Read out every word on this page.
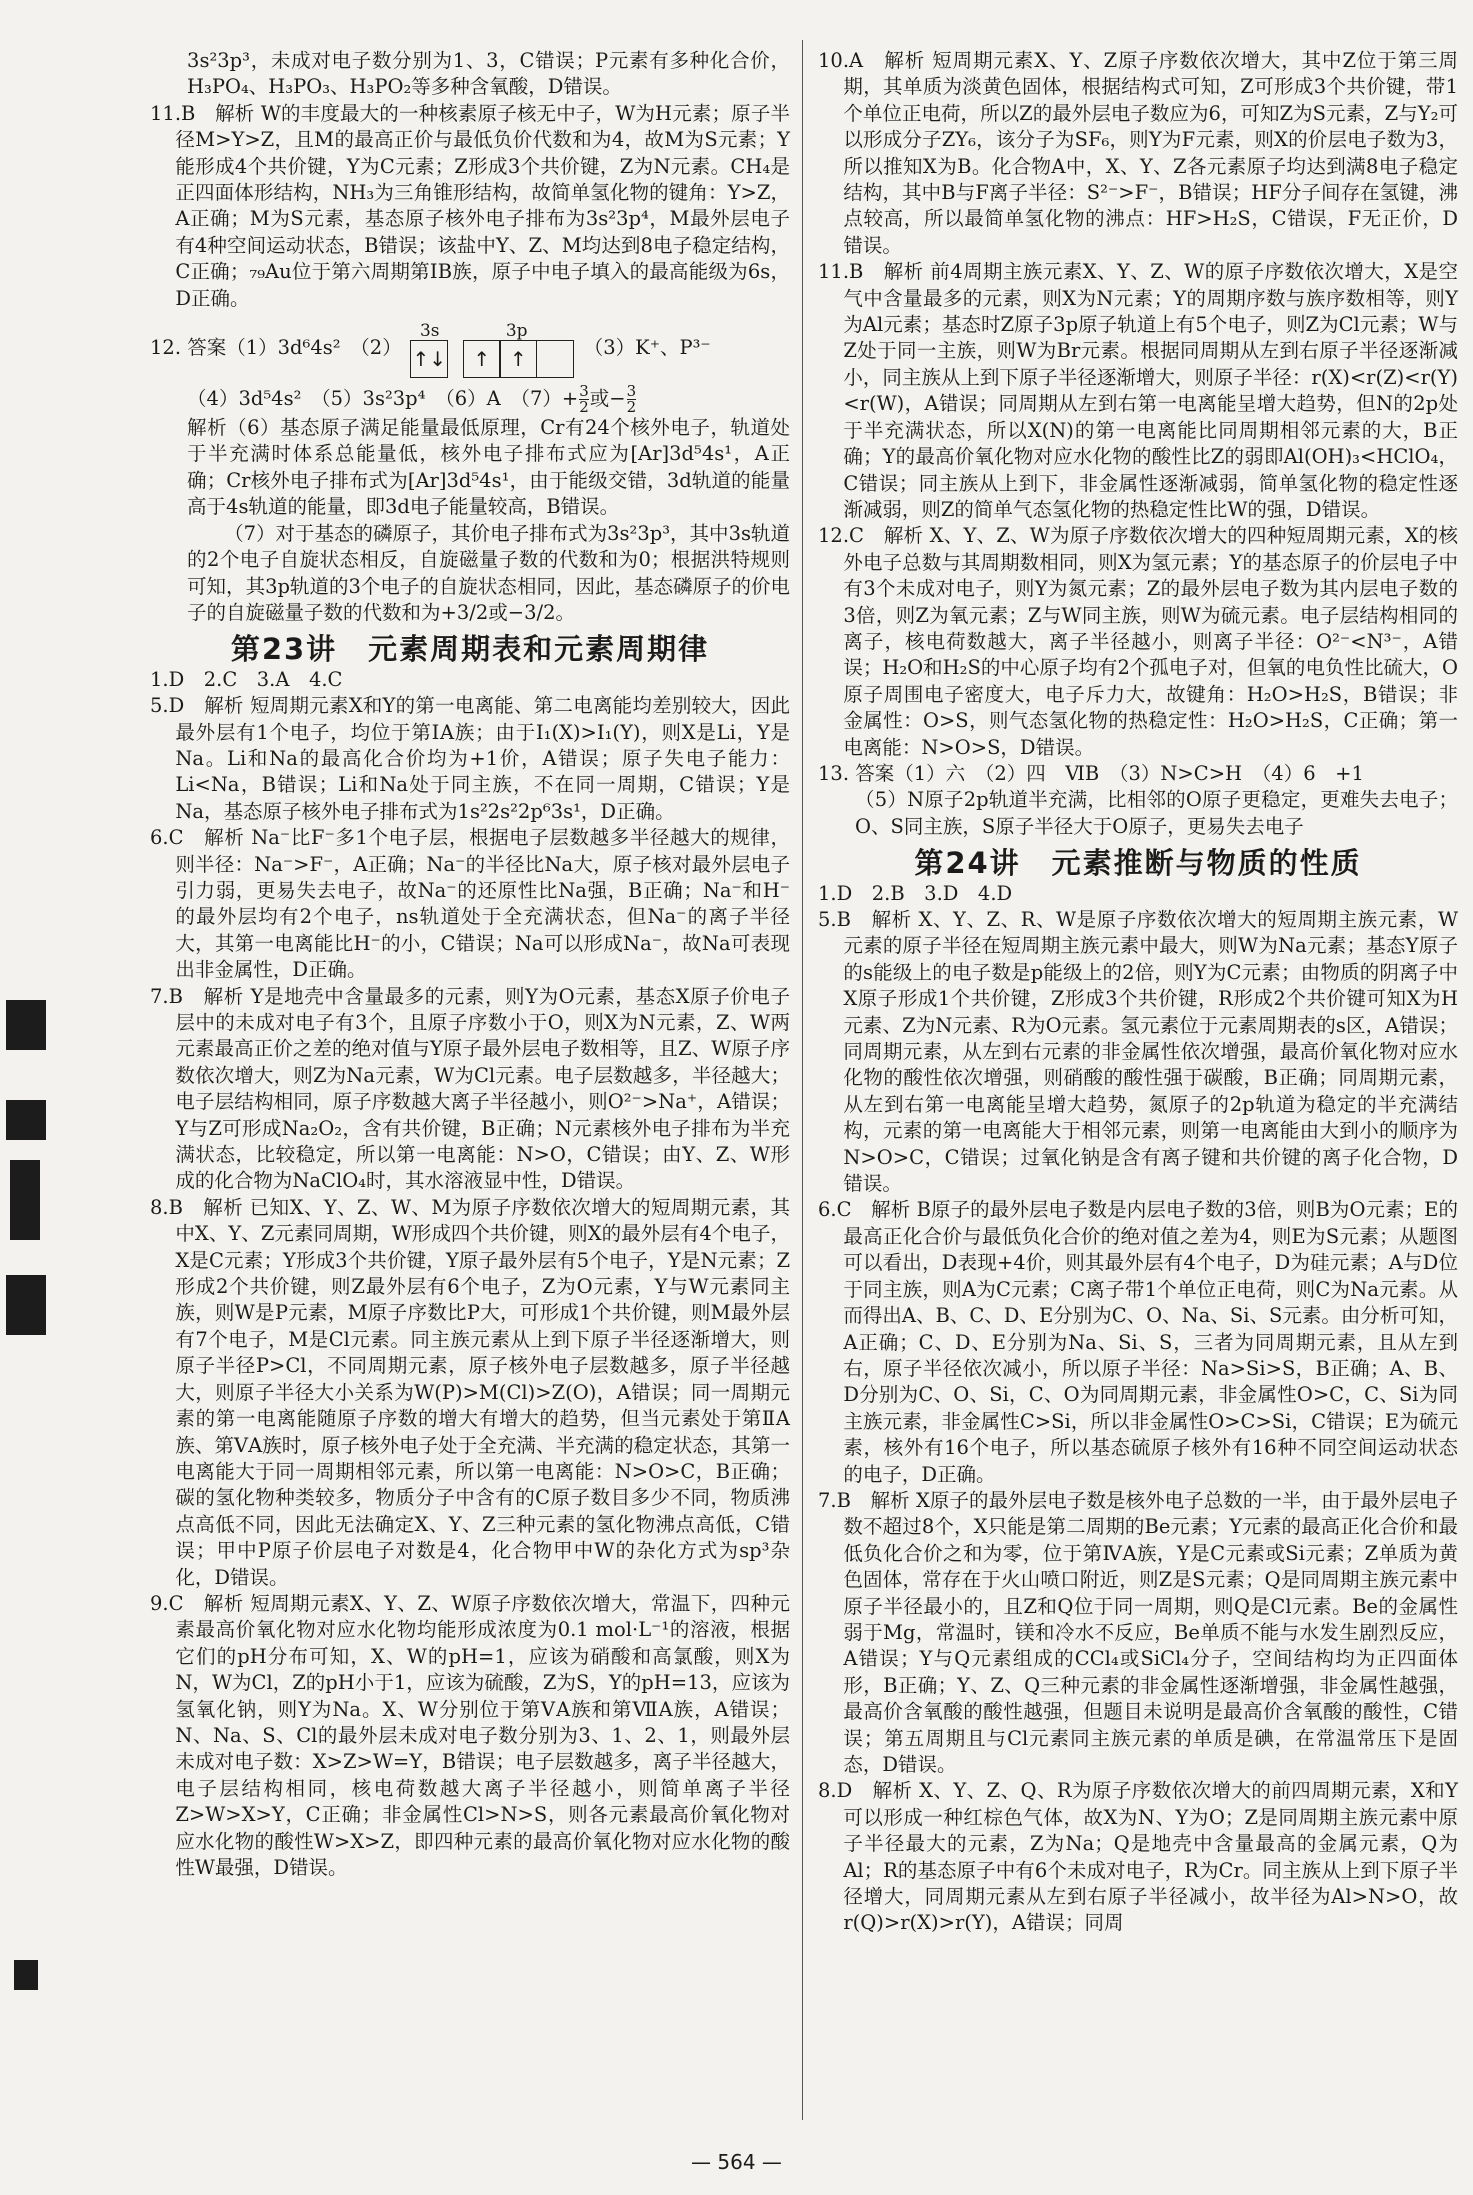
3s²3p³，未成对电子数分别为1、3，C错误；P元素有多种化合价，H₃PO₄、H₃PO₃、H₃PO₂等多种含氧酸，D错误。

11.B　解析 W的丰度最大的一种核素原子核无中子，W为H元素；原子半径M>Y>Z，且M的最高正价与最低负价代数和为4，故M为S元素；Y能形成4个共价键，Y为C元素；Z形成3个共价键，Z为N元素。CH₄是正四面体形结构，NH₃为三角锥形结构，故简单氢化物的键角：Y>Z，A正确；M为S元素，基态原子核外电子排布为3s²3p⁴，M最外层电子有4种空间运动状态，B错误；该盐中Y、Z、M均达到8电子稳定结构，C正确；₇₉Au位于第六周期第ⅠB族，原子中电子填入的最高能级为6s，D正确。

12. 答案（1）3d⁶4s²　（2）
3s	3p
↑↓	↑ ↑	（3）K⁺、P³⁻

（4）3d⁵4s²　（5）3s²3p⁴　（6）A　$(7)+ \frac{3}{2}$ 或− $\frac{3}{2}$

解析（6）基态原子满足能量最低原理，Cr有24个核外电子，轨道处于半充满时体系总能量低，核外电子排布式应为[Ar]3d⁵4s¹，A正确；Cr核外电子排布式为[Ar]3d⁵4s¹，由于能级交错，3d轨道的能量高于4s轨道的能量，即3d电子能量较高，B错误。

（7）对于基态的磷原子，其价电子排布式为3s²3p³，其中3s轨道的2个电子自旋状态相反，自旋磁量子数的代数和为0；根据洪特规则可知，其3p轨道的3个电子的自旋状态相同，因此，基态磷原子的价电子的自旋磁量子数的代数和为+3/2或−3/2。

第23讲　元素周期表和元素周期律

1.D　2.C　3.A　4.C

5.D　解析 短周期元素X和Y的第一电离能、第二电离能均差别较大，因此最外层有1个电子，均位于第ⅠA族；由于I₁(X)>I₁(Y)，则X是Li，Y是Na。Li和Na的最高化合价均为+1价，A错误；原子失电子能力：Li<Na，B错误；Li和Na处于同主族，不在同一周期，C错误；Y是Na，基态原子核外电子排布式为1s²2s²2p⁶3s¹，D正确。

6.C　解析 Na⁻比F⁻多1个电子层，根据电子层数越多半径越大的规律，则半径：Na⁻>F⁻，A正确；Na⁻的半径比Na大，原子核对最外层电子引力弱，更易失去电子，故Na⁻的还原性比Na强，B正确；Na⁻和H⁻的最外层均有2个电子，ns轨道处于全充满状态，但Na⁻的离子半径大，其第一电离能比H⁻的小，C错误；Na可以形成Na⁻，故Na可表现出非金属性，D正确。

7.B　解析 Y是地壳中含量最多的元素，则Y为O元素，基态X原子价电子层中的未成对电子有3个，且原子序数小于O，则X为N元素，Z、W两元素最高正价之差的绝对值与Y原子最外层电子数相等，且Z、W原子序数依次增大，则Z为Na元素，W为Cl元素。电子层数越多，半径越大；电子层结构相同，原子序数越大离子半径越小，则O²⁻>Na⁺，A错误；Y与Z可形成Na₂O₂，含有共价键，B正确；N元素核外电子排布为半充满状态，比较稳定，所以第一电离能：N>O，C错误；由Y、Z、W形成的化合物为NaClO₄时，其水溶液显中性，D错误。

8.B　解析 已知X、Y、Z、W、M为原子序数依次增大的短周期元素，其中X、Y、Z元素同周期，W形成四个共价键，则X的最外层有4个电子，X是C元素；Y形成3个共价键，Y原子最外层有5个电子，Y是N元素；Z形成2个共价键，则Z最外层有6个电子，Z为O元素，Y与W元素同主族，则W是P元素，M原子序数比P大，可形成1个共价键，则M最外层有7个电子，M是Cl元素。同主族元素从上到下原子半径逐渐增大，则原子半径P>Cl，不同周期元素，原子核外电子层数越多，原子半径越大，则原子半径大小关系为W(P)>M(Cl)>Z(O)，A错误；同一周期元素的第一电离能随原子序数的增大有增大的趋势，但当元素处于第ⅡA族、第ⅤA族时，原子核外电子处于全充满、半充满的稳定状态，其第一电离能大于同一周期相邻元素，所以第一电离能：N>O>C，B正确；碳的氢化物种类较多，物质分子中含有的C原子数目多少不同，物质沸点高低不同，因此无法确定X、Y、Z三种元素的氢化物沸点高低，C错误；甲中P原子价层电子对数是4，化合物甲中W的杂化方式为sp³杂化，D错误。

9.C　解析 短周期元素X、Y、Z、W原子序数依次增大，常温下，四种元素最高价氧化物对应水化物均能形成浓度为0.1 mol·L⁻¹的溶液，根据它们的pH分布可知，X、W的pH=1，应该为硝酸和高氯酸，则X为N，W为Cl，Z的pH小于1，应该为硫酸，Z为S，Y的pH=13，应该为氢氧化钠，则Y为Na。X、W分别位于第ⅤA族和第ⅦA族，A错误；N、Na、S、Cl的最外层未成对电子数分别为3、1、2、1，则最外层未成对电子数：X>Z>W=Y，B错误；电子层数越多，离子半径越大，电子层结构相同，核电荷数越大离子半径越小，则简单离子半径Z>W>X>Y，C正确；非金属性Cl>N>S，则各元素最高价氧化物对应水化物的酸性W>X>Z，即四种元素的最高价氧化物对应水化物的酸性W最强，D错误。

10.A　解析 短周期元素X、Y、Z原子序数依次增大，其中Z位于第三周期，其单质为淡黄色固体，根据结构式可知，Z可形成3个共价键，带1个单位正电荷，所以Z的最外层电子数应为6，可知Z为S元素，Z与Y₂可以形成分子ZY₆，该分子为SF₆，则Y为F元素，则X的价层电子数为3，所以推知X为B。化合物A中，X、Y、Z各元素原子均达到满8电子稳定结构，其中B与F离子半径：S²⁻>F⁻，B错误；HF分子间存在氢键，沸点较高，所以最简单氢化物的沸点：HF>H₂S，C错误，F无正价，D错误。

11.B　解析 前4周期主族元素X、Y、Z、W的原子序数依次增大，X是空气中含量最多的元素，则X为N元素；Y的周期序数与族序数相等，则Y为Al元素；基态时Z原子3p原子轨道上有5个电子，则Z为Cl元素；W与Z处于同一主族，则W为Br元素。根据同周期从左到右原子半径逐渐减小，同主族从上到下原子半径逐渐增大，则原子半径：r(X)<r(Z)<r(Y)<r(W)，A错误；同周期从左到右第一电离能呈增大趋势，但N的2p处于半充满状态，所以X(N)的第一电离能比同周期相邻元素的大，B正确；Y的最高价氧化物对应水化物的酸性比Z的弱即Al(OH)₃<HClO₄，C错误；同主族从上到下，非金属性逐渐减弱，简单氢化物的稳定性逐渐减弱，则Z的简单气态氢化物的热稳定性比W的强，D错误。

12.C　解析 X、Y、Z、W为原子序数依次增大的四种短周期元素，X的核外电子总数与其周期数相同，则X为氢元素；Y的基态原子的价层电子中有3个未成对电子，则Y为氮元素；Z的最外层电子数为其内层电子数的3倍，则Z为氧元素；Z与W同主族，则W为硫元素。电子层结构相同的离子，核电荷数越大，离子半径越小，则离子半径：O²⁻<N³⁻，A错误；H₂O和H₂S的中心原子均有2个孤电子对，但氧的电负性比硫大，O原子周围电子密度大，电子斥力大，故键角：H₂O>H₂S，B错误；非金属性：O>S，则气态氢化物的热稳定性：H₂O>H₂S，C正确；第一电离能：N>O>S，D错误。

13. 答案（1）六　（2）四　ⅥB　（3）N>C>H　（4）6　+1

（5）N原子2p轨道半充满，比相邻的O原子更稳定，更难失去电子；O、S同主族，S原子半径大于O原子，更易失去电子

第24讲　元素推断与物质的性质

1.D　2.B　3.D　4.D

5.B　解析 X、Y、Z、R、W是原子序数依次增大的短周期主族元素，W元素的原子半径在短周期主族元素中最大，则W为Na元素；基态Y原子的s能级上的电子数是p能级上的2倍，则Y为C元素；由物质的阴离子中X原子形成1个共价键，Z形成3个共价键，R形成2个共价键可知X为H元素、Z为N元素、R为O元素。氢元素位于元素周期表的s区，A错误；同周期元素，从左到右元素的非金属性依次增强，最高价氧化物对应水化物的酸性依次增强，则硝酸的酸性强于碳酸，B正确；同周期元素，从左到右第一电离能呈增大趋势，氮原子的2p轨道为稳定的半充满结构，元素的第一电离能大于相邻元素，则第一电离能由大到小的顺序为N>O>C，C错误；过氧化钠是含有离子键和共价键的离子化合物，D错误。

6.C　解析 B原子的最外层电子数是内层电子数的3倍，则B为O元素；E的最高正化合价与最低负化合价的绝对值之差为4，则E为S元素；从题图可以看出，D表现+4价，则其最外层有4个电子，D为硅元素；A与D位于同主族，则A为C元素；C离子带1个单位正电荷，则C为Na元素。从而得出A、B、C、D、E分别为C、O、Na、Si、S元素。由分析可知，A正确；C、D、E分别为Na、Si、S，三者为同周期元素，且从左到右，原子半径依次减小，所以原子半径：Na>Si>S，B正确；A、B、D分别为C、O、Si，C、O为同周期元素，非金属性O>C，C、Si为同主族元素，非金属性C>Si，所以非金属性O>C>Si，C错误；E为硫元素，核外有16个电子，所以基态硫原子核外有16种不同空间运动状态的电子，D正确。

7.B　解析 X原子的最外层电子数是核外电子总数的一半，由于最外层电子数不超过8个，X只能是第二周期的Be元素；Y元素的最高正化合价和最低负化合价之和为零，位于第ⅣA族，Y是C元素或Si元素；Z单质为黄色固体，常存在于火山喷口附近，则Z是S元素；Q是同周期主族元素中原子半径最小的，且Z和Q位于同一周期，则Q是Cl元素。Be的金属性弱于Mg，常温时，镁和冷水不反应，Be单质不能与水发生剧烈反应，A错误；Y与Q元素组成的CCl₄或SiCl₄分子，空间结构均为正四面体形，B正确；Y、Z、Q三种元素的非金属性逐渐增强，非金属性越强，最高价含氧酸的酸性越强，但题目未说明是最高价含氧酸的酸性，C错误；第五周期且与Cl元素同主族元素的单质是碘，在常温常压下是固态，D错误。

8.D　解析 X、Y、Z、Q、R为原子序数依次增大的前四周期元素，X和Y可以形成一种红棕色气体，故X为N、Y为O；Z是同周期主族元素中原子半径最大的元素，Z为Na；Q是地壳中含量最高的金属元素，Q为Al；R的基态原子中有6个未成对电子，R为Cr。同主族从上到下原子半径增大，同周期元素从左到右原子半径减小，故半径为Al>N>O，故r(Q)>r(X)>r(Y)，A错误；同周

— 564 —
